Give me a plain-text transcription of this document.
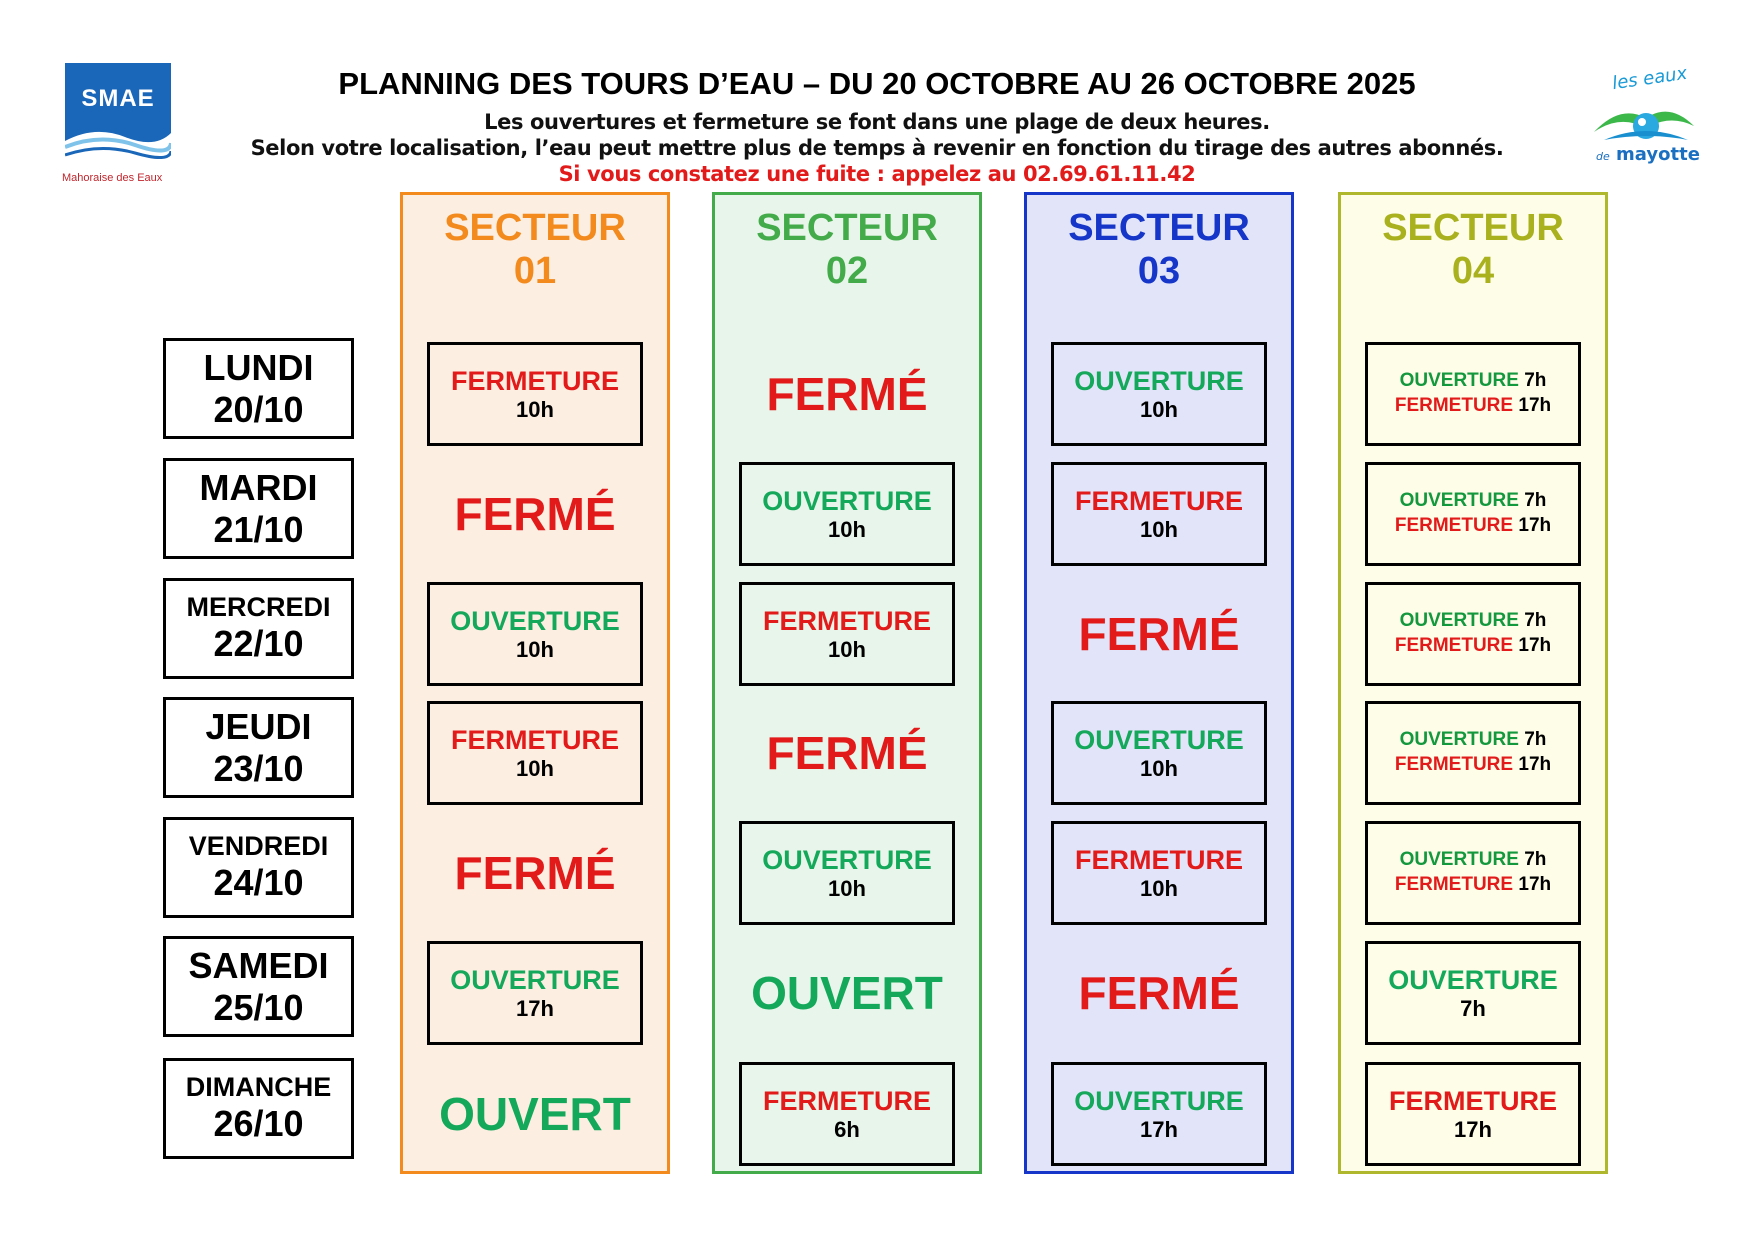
PLANNING DES TOURS D’EAU – DU 20 OCTOBRE AU 26 OCTOBRE 2025
Les ouvertures et fermeture se font dans une plage de deux heures.
Selon votre localisation, l’eau peut mettre plus de temps à revenir en fonction du tirage des autres abonnés.
Si vous constatez une fuite : appelez au 02.69.61.11.42
SMAE
Mahoraise des Eaux
les eaux
de mayotte
LUNDI
20/10
MARDI
21/10
MERCREDI
22/10
JEUDI
23/10
VENDREDI
24/10
SAMEDI
25/10
DIMANCHE
26/10
SECTEUR
01
FERMETURE
10h
FERMÉ
OUVERTURE
10h
FERMETURE
10h
FERMÉ
OUVERTURE
17h
OUVERT
SECTEUR
02
FERMÉ
OUVERTURE
10h
FERMETURE
10h
FERMÉ
OUVERTURE
10h
OUVERT
FERMETURE
6h
SECTEUR
03
OUVERTURE
10h
FERMETURE
10h
FERMÉ
OUVERTURE
10h
FERMETURE
10h
FERMÉ
OUVERTURE
17h
SECTEUR
04
OUVERTURE 7h
FERMETURE 17h
OUVERTURE 7h
FERMETURE 17h
OUVERTURE 7h
FERMETURE 17h
OUVERTURE 7h
FERMETURE 17h
OUVERTURE 7h
FERMETURE 17h
OUVERTURE
7h
FERMETURE
17h
